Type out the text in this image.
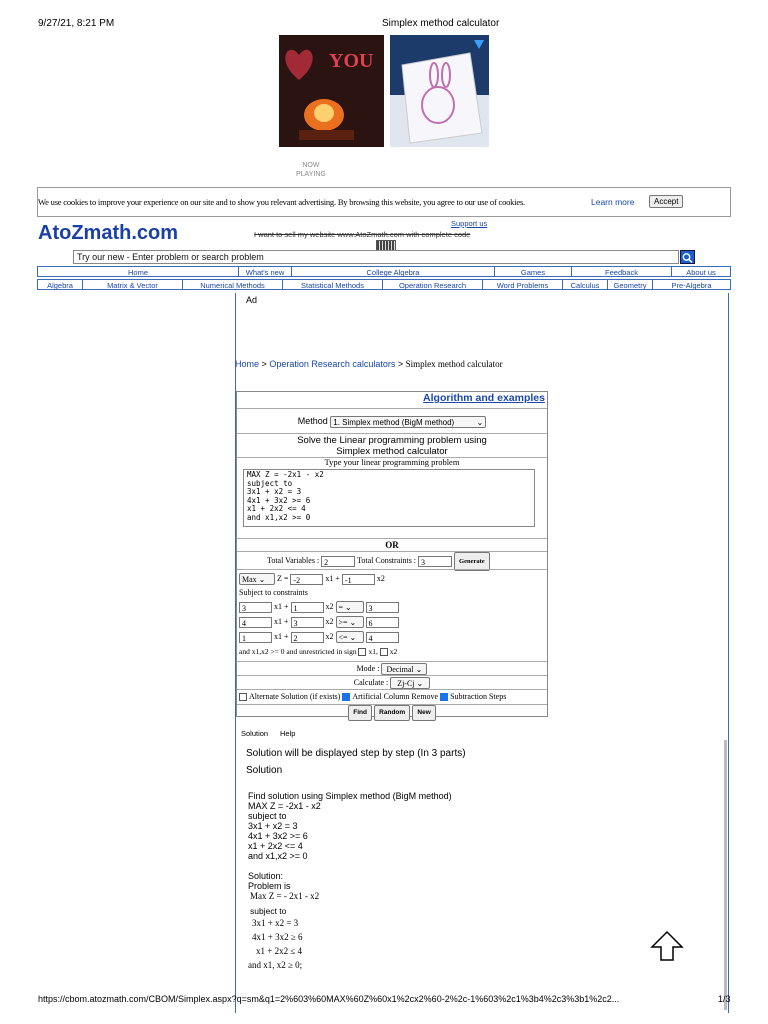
9/27/21, 8:21 PM	Simplex method calculator
YOU
NOW
PLAYING
We use cookies to improve your experience on our site and to show you relevant advertising. By browsing this website, you agree to our use of cookies.	Learn more	Accept
AtoZmath.com	Support us
I want to sell my website www.AtoZmath.com with complete code
Try our new - Enter problem or search problem
Home	What's new	College Algebra	Games	Feedback	About us
Algebra	Matrix & Vector	Numerical Methods	Statistical Methods	Operation Research	Word Problems	Calculus	Geometry	Pre-Algebra
Ad
Home > Operation Research calculators > Simplex method calculator
Algorithm and examples
Method 1. Simplex method (BigM method)	⌄
Solve the Linear programming problem using
Simplex method calculator
Type your linear programming problem
MAX Z = -2x1 - x2
subject to
3x1 + x2 = 3
4x1 + 3x2 >= 6
x1 + 2x2 <= 4
and x1,x2 >= 0
OR
Total Variables : 2	Total Constraints : 3	Generate
Max ⌄ Z = -2	x1 + -1	x2
Subject to constraints
3	x1 + 1	x2 = ⌄ 3
4	x1 + 3	x2 >= ⌄ 6
1	x1 + 2	x2 <= ⌄ 4
and x1,x2 >= 0 and unrestricted in sign x1, x2
Mode : Decimal ⌄
Calculate : Zj-Cj ⌄
Alternate Solution (if exists) Artificial Column Remove Subtraction Steps
Find Random New
Solution Help
Solution will be displayed step by step (In 3 parts)
Solution
Find solution using Simplex method (BigM method)
MAX Z = -2x1 - x2
subject to
3x1 + x2 = 3
4x1 + 3x2 >= 6
x1 + 2x2 <= 4
and x1,x2 >= 0
Solution:
Problem is
Max Z = - 2x1 - x2
subject to
3x1 + x2 = 3
4x1 + 3x2 ≥ 6
x1 + 2x2 ≤ 4
and x1, x2 ≥ 0;
https://cbom.atozmath.com/CBOM/Simplex.aspx?q=sm&q1=2%603%60MAX%60Z%60x1%2cx2%60-2%2c-1%603%2c1%3b4%2c3%3b1%2c2...	1/3
